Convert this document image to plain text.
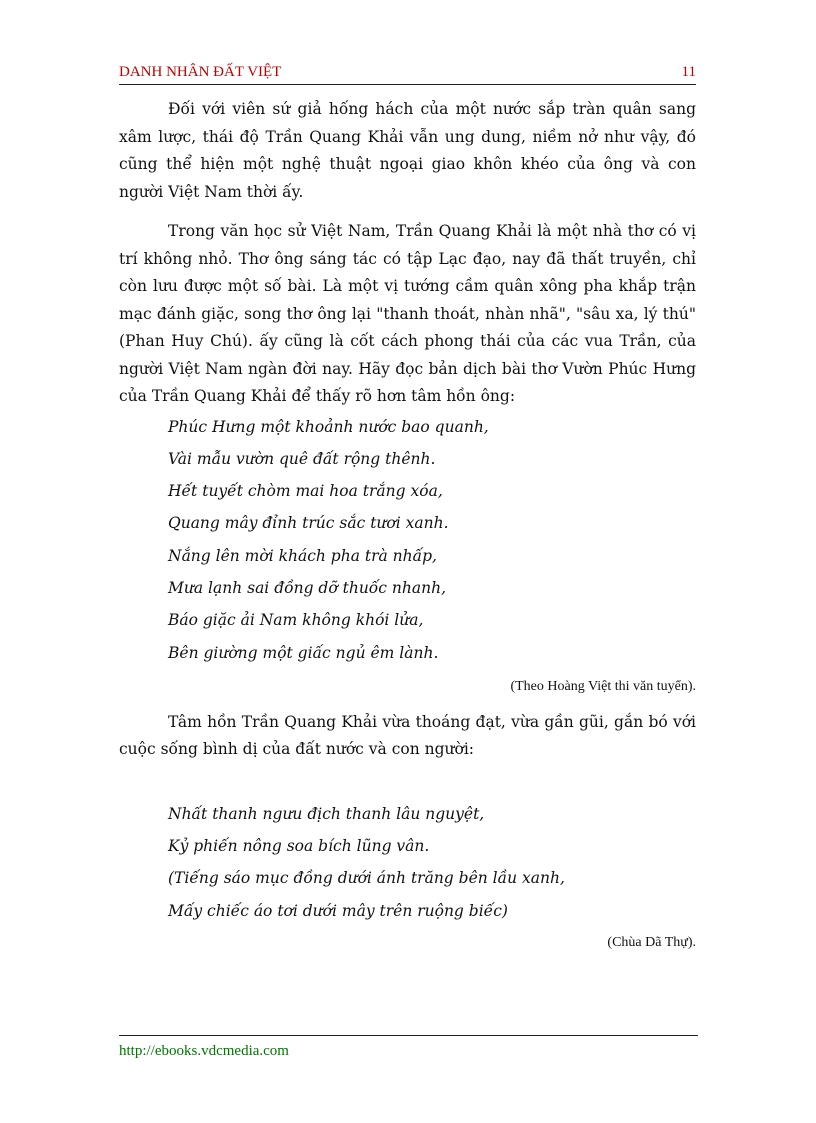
DANH NHÂN ĐẤT VIỆT	11

Đối với viên sứ giả hống hách của một nước sắp tràn quân sang xâm lược, thái độ Trần Quang Khải vẫn ung dung, niềm nở như vậy, đó cũng thể hiện một nghệ thuật ngoại giao khôn khéo của ông và con người Việt Nam thời ấy.

Trong văn học sử Việt Nam, Trần Quang Khải là một nhà thơ có vị trí không nhỏ. Thơ ông sáng tác có tập Lạc đạo, nay đã thất truyền, chỉ còn lưu được một số bài. Là một vị tướng cầm quân xông pha khắp trận mạc đánh giặc, song thơ ông lại "thanh thoát, nhàn nhã", "sâu xa, lý thú" (Phan Huy Chú). ấy cũng là cốt cách phong thái của các vua Trần, của người Việt Nam ngàn đời nay. Hãy đọc bản dịch bài thơ Vườn Phúc Hưng của Trần Quang Khải để thấy rõ hơn tâm hồn ông:

Phúc Hưng một khoảnh nước bao quanh,
Vài mẫu vườn quê đất rộng thênh.
Hết tuyết chòm mai hoa trắng xóa,
Quang mây đỉnh trúc sắc tươi xanh.
Nắng lên mời khách pha trà nhấp,
Mưa lạnh sai đồng dỡ thuốc nhanh,
Báo giặc ải Nam không khói lửa,
Bên giường một giấc ngủ êm lành.

(Theo Hoàng Việt thi văn tuyển).

Tâm hồn Trần Quang Khải vừa thoáng đạt, vừa gần gũi, gắn bó với cuộc sống bình dị của đất nước và con người:

Nhất thanh ngưu địch thanh lâu nguyệt,
Kỷ phiến nông soa bích lũng vân.
(Tiếng sáo mục đồng dưới ánh trăng bên lầu xanh,
Mấy chiếc áo tơi dưới mây trên ruộng biếc)

(Chùa Dã Thự).

http://ebooks.vdcmedia.com
